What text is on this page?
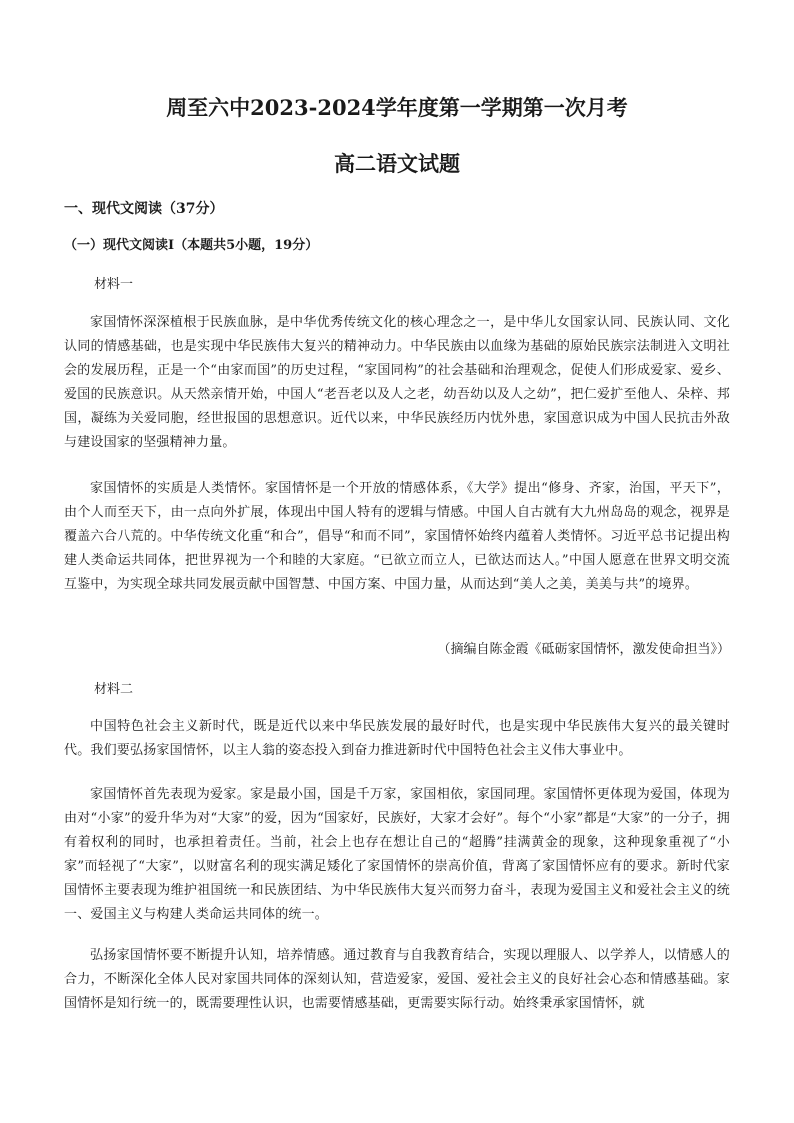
周至六中2023-2024学年度第一学期第一次月考
高二语文试题
一、现代文阅读（37分）
（一）现代文阅读I（本题共5小题，19分）

材料一

家国情怀深深植根于民族血脉，是中华优秀传统文化的核心理念之一，是中华儿女国家认同、民族认同、文化认同的情感基础，也是实现中华民族伟大复兴的精神动力。中华民族由以血缘为基础的原始民族宗法制进入文明社会的发展历程，正是一个“由家而国”的历史过程，“家国同构”的社会基础和治理观念，促使人们形成爱家、爱乡、爱国的民族意识。从天然亲情开始，中国人“老吾老以及人之老，幼吾幼以及人之幼”，把仁爱扩至他人、朵梓、邦国，凝练为关爱同胞，经世报国的思想意识。近代以来，中华民族经历内忧外患，家国意识成为中国人民抗击外敌与建设国家的坚强精神力量。

家国情怀的实质是人类情怀。家国情怀是一个开放的情感体系，《大学》提出“修身、齐家，治国，平天下”，由个人而至天下，由一点向外扩展，体现出中国人特有的逻辑与情感。中国人自古就有大九州岛岛的观念，视界是覆盖六合八荒的。中华传统文化重“和合”，倡导“和而不同”，家国情怀始终内蕴着人类情怀。习近平总书记提出构建人类命运共同体，把世界视为一个和睦的大家庭。“已欲立而立人，已欲达而达人。”中国人愿意在世界文明交流互鉴中，为实现全球共同发展贡献中国智慧、中国方案、中国力量，从而达到“美人之美，美美与共”的境界。

（摘编自陈金霞《砥砺家国情怀，激发使命担当》）

材料二

中国特色社会主义新时代，既是近代以来中华民族发展的最好时代，也是实现中华民族伟大复兴的最关键时代。我们要弘扬家国情怀，以主人翁的姿态投入到奋力推进新时代中国特色社会主义伟大事业中。

家国情怀首先表现为爱家。家是最小国，国是千万家，家国相依，家国同理。家国情怀更体现为爱国，体现为由对“小家”的爱升华为对“大家”的爱，因为“国家好，民族好，大家才会好”。每个“小家”都是“大家”的一分子，拥有着权利的同时，也承担着责任。当前，社会上也存在想让自己的“超腾”挂满黄金的现象，这种现象重视了“小家”而轻视了“大家”，以财富名利的现实满足矮化了家国情怀的崇高价值，背离了家国情怀应有的要求。新时代家国情怀主要表现为维护祖国统一和民族团结、为中华民族伟大复兴而努力奋斗，表现为爱国主义和爱社会主义的统一、爱国主义与构建人类命运共同体的统一。

弘扬家国情怀要不断提升认知，培养情感。通过教育与自我教育结合，实现以理服人、以学养人，以情感人的合力，不断深化全体人民对家国共同体的深刻认知，营造爱家，爱国、爱社会主义的良好社会心态和情感基础。家国情怀是知行统一的，既需要理性认识，也需要情感基础，更需要实际行动。始终秉承家国情怀，就
